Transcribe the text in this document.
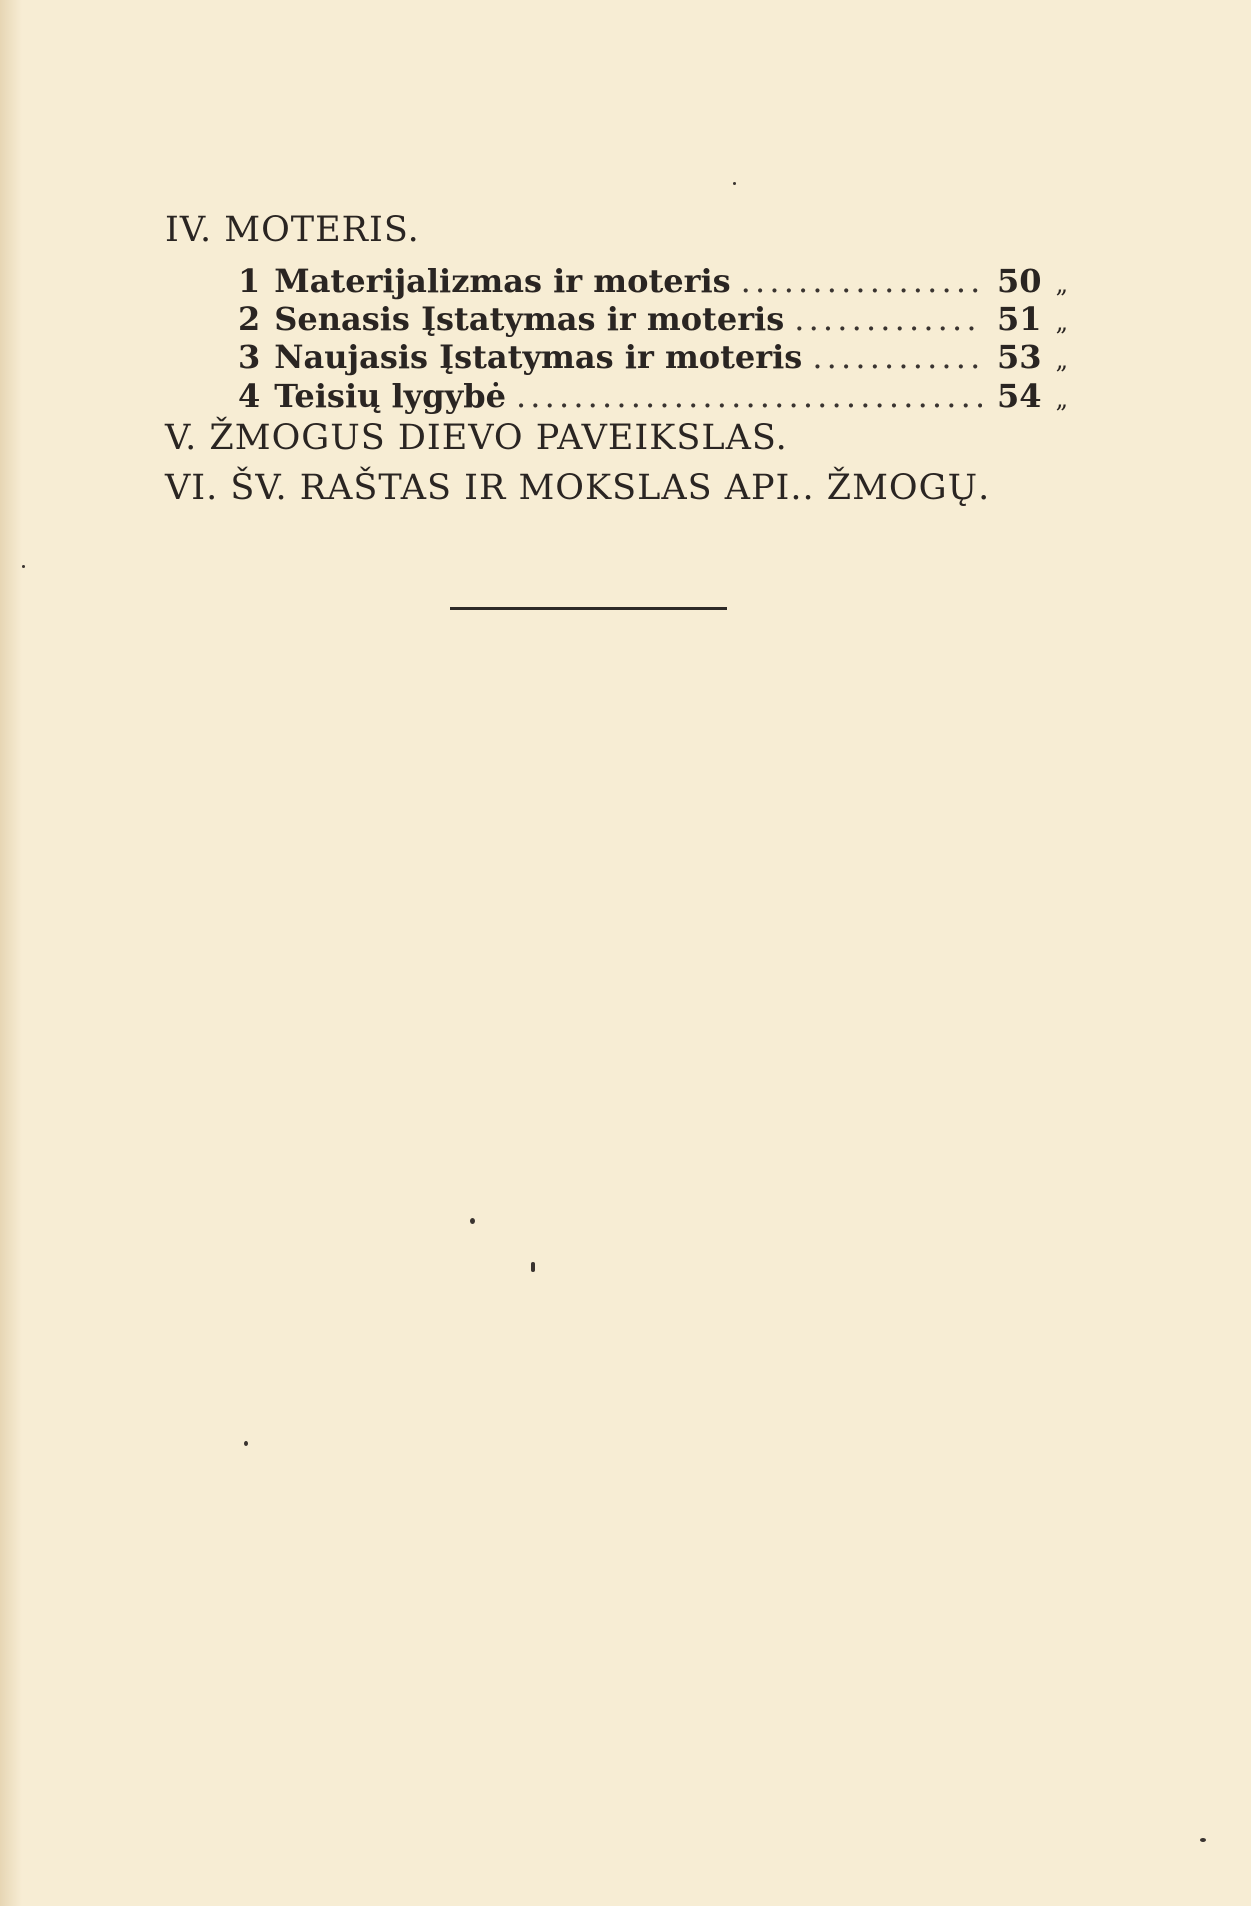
IV. MOTERIS.
1 Materijalizmas ir moteris . . .	50 „
2 Senasis Įstatymas ir moteris . . .	51 „
3 Naujasis Įstatymas ir moteris . . .	53 „
4 Teisių lygybė . . .	54 „
V. ŽMOGUS DIEVO PAVEIKSLAS.
VI. ŠV. RAŠTAS IR MOKSLAS API.. ŽMOGŲ.
